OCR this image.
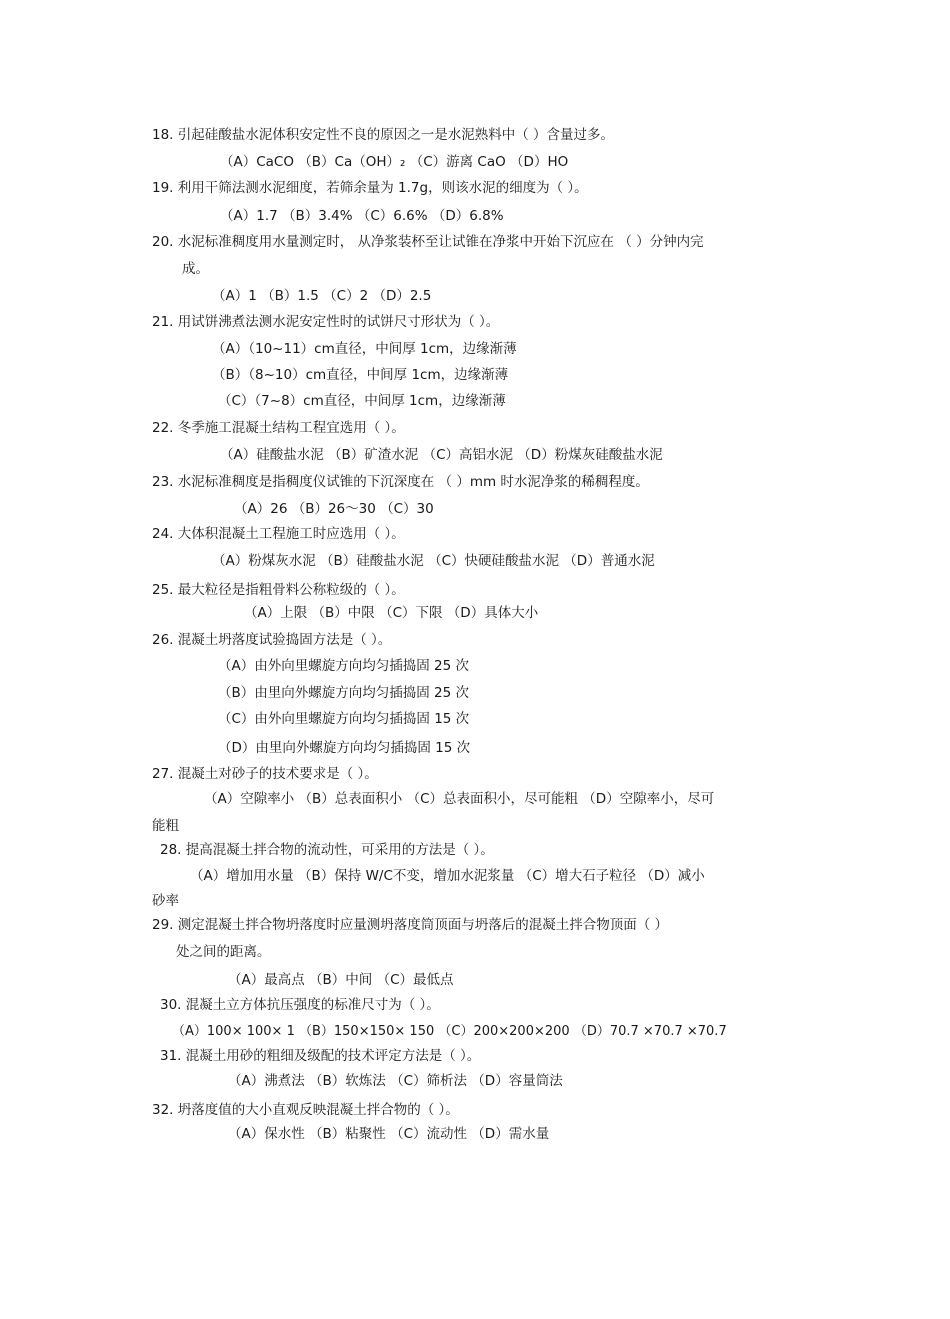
18. 引起硅酸盐水泥体积安定性不良的原因之一是水泥熟料中（ ）含量过多。
（A）CaCO （B）Ca（OH）₂ （C）游离 CaO （D）HO
19. 利用干筛法测水泥细度，若筛余量为 1.7g，则该水泥的细度为（ ）。
（A）1.7 （B）3.4% （C）6.6% （D）6.8%
20. 水泥标准稠度用水量测定时， 从净浆装杯至让试锥在净浆中开始下沉应在 （ ）分钟内完
成。
（A）1 （B）1.5 （C）2 （D）2.5
21. 用试饼沸煮法测水泥安定性时的试饼尺寸形状为（ ）。
（A）（10~11）cm直径，中间厚 1cm，边缘渐薄
（B）（8~10）cm直径，中间厚 1cm，边缘渐薄
（C）（7~8）cm直径，中间厚 1cm，边缘渐薄
22. 冬季施工混凝土结构工程宜选用（ ）。
（A）硅酸盐水泥 （B）矿渣水泥 （C）高铝水泥 （D）粉煤灰硅酸盐水泥
23. 水泥标准稠度是指稠度仪试锥的下沉深度在 （ ）mm 时水泥净浆的稀稠程度。
（A）26 （B）26～30 （C）30
24. 大体积混凝土工程施工时应选用（ ）。
（A）粉煤灰水泥 （B）硅酸盐水泥 （C）快硬硅酸盐水泥 （D）普通水泥
25. 最大粒径是指粗骨料公称粒级的（ ）。
（A）上限 （B）中限 （C）下限 （D）具体大小
26. 混凝土坍落度试验捣固方法是（ ）。
（A）由外向里螺旋方向均匀插捣固 25 次
（B）由里向外螺旋方向均匀插捣固 25 次
（C）由外向里螺旋方向均匀插捣固 15 次
（D）由里向外螺旋方向均匀插捣固 15 次
27. 混凝土对砂子的技术要求是（ ）。
（A）空隙率小 （B）总表面积小 （C）总表面积小，尽可能粗 （D）空隙率小，尽可
能粗
28. 提高混凝土拌合物的流动性，可采用的方法是（ ）。
（A）增加用水量 （B）保持 W/C不变，增加水泥浆量 （C）增大石子粒径 （D）减小
砂率
29. 测定混凝土拌合物坍落度时应量测坍落度筒顶面与坍落后的混凝土拌合物顶面（ ）
处之间的距离。
（A）最高点 （B）中间 （C）最低点
30. 混凝土立方体抗压强度的标准尺寸为（ ）。
（A）100× 100× 1 （B）150×150× 150 （C）200×200×200 （D）70.7 ×70.7 ×70.7
31. 混凝土用砂的粗细及级配的技术评定方法是（ ）。
（A）沸煮法 （B）软炼法 （C）筛析法 （D）容量筒法
32. 坍落度值的大小直观反映混凝土拌合物的（ ）。
（A）保水性 （B）粘聚性 （C）流动性 （D）需水量
